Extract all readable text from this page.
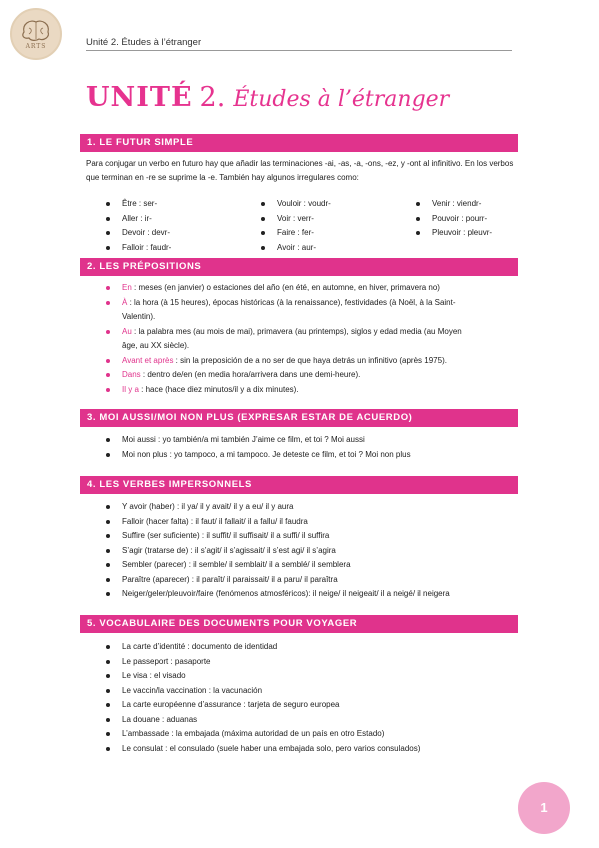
ARTS	Unité 2. Études à l’étranger
UNITÉ 2. Études à l’étranger
1. LE FUTUR SIMPLE
Para conjugar un verbo en futuro hay que añadir las terminaciones -ai, -as, -a, -ons, -ez, y -ont al infinitivo. En los verbos que terminan en -re se suprime la -e. También hay algunos irregulares como:
Être : ser-
Aller : ir-
Devoir : devr-
Falloir : faudr-
Vouloir : voudr-
Voir : verr-
Faire : fer-
Avoir : aur-
Venir : viendr-
Pouvoir : pourr-
Pleuvoir : pleuvr-
2. LES PRÉPOSITIONS
En : meses (en janvier) o estaciones del año (en été, en automne, en hiver, primavera no)
À : la hora (à 15 heures), épocas históricas (à la renaissance), festividades (à Noël, à la Saint-
Valentin).
Au : la palabra mes (au mois de mai), primavera (au printemps), siglos y edad media (au Moyen
âge, au XX siècle).
Avant et après : sin la preposición de a no ser de que haya detrás un infinitivo (après 1975).
Dans : dentro de/en (en media hora/arrivera dans une demi-heure).
Il y a : hace (hace diez minutos/il y a dix minutes).
3. MOI AUSSI/MOI NON PLUS (EXPRESAR ESTAR DE ACUERDO)
Moi aussi : yo también/a mi también J’aime ce film, et toi ? Moi aussi
Moi non plus : yo tampoco, a mi tampoco. Je deteste ce film, et toi ? Moi non plus
4. LES VERBES IMPERSONNELS
Y avoir (haber) : il ya/ il y avait/ il y a eu/ il y aura
Falloir (hacer falta) : il faut/ il fallait/ il a fallu/ il faudra
Suffire (ser suficiente) : il suffit/ il suffisait/ il a suffi/ il suffira
S’agir (tratarse de) : il s’agit/ il s’agissait/ il s’est agi/ il s’agira
Sembler (parecer) : il semble/ il semblait/ il a semblé/ il semblera
Paraître (aparecer) : il paraît/ il paraissait/ il a paru/ il paraîtra
Neiger/geler/pleuvoir/faire (fenómenos atmosféricos): il neige/ il neigeait/ il a neigé/ il neigera
5. VOCABULAIRE DES DOCUMENTS POUR VOYAGER
La carte d’identité : documento de identidad
Le passeport : pasaporte
Le visa : el visado
Le vaccin/la vaccination : la vacunación
La carte européenne d’assurance : tarjeta de seguro europea
La douane : aduanas
L’ambassade : la embajada (máxima autoridad de un país en otro Estado)
Le consulat : el consulado (suele haber una embajada solo, pero varios consulados)
1
